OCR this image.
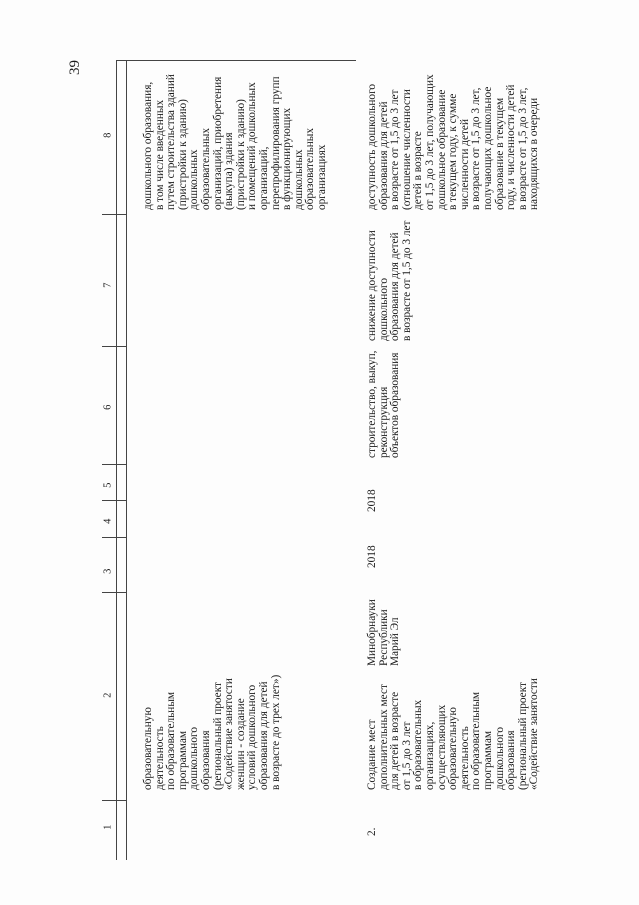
39
1
2
3
4
5
6
7
8
образовательную деятельность по образовательным программам дошкольного образования (региональный проект «Содействие занятости женщин - создание условий дошкольного образования для детей в возрасте до трех лет»)
дошкольного образования, в том числе введенных путем строительства зданий (пристройки к зданию) дошкольных образовательных организаций, приобретения (выкупа) здания (пристройки к зданию) и помещений дошкольных организаций, перепрофилирования групп в функционирующих дошкольных образовательных организациях
2.
Создание мест дополнительных мест для детей в возрасте от 1,5 до 3 лет в образовательных организациях, осуществляющих образовательную деятельность по образовательным программам дошкольного образования (региональный проект «Содействие занятости
Минобрнауки Республики Марий Эл
2018
2018
строительство, выкуп, реконструкция объектов образования
снижение доступности дошкольного образования для детей в возрасте от 1,5 до 3 лет
доступность дошкольного образования для детей в возрасте от 1,5 до 3 лет (отношение численности детей в возрасте от 1,5 до 3 лет, получающих дошкольное образование в текущем году, к сумме численности детей в возрасте от 1,5 до 3 лет, получающих дошкольное образование в текущем году, и численности детей в возрасте от 1,5 до 3 лет, находящихся в очереди
